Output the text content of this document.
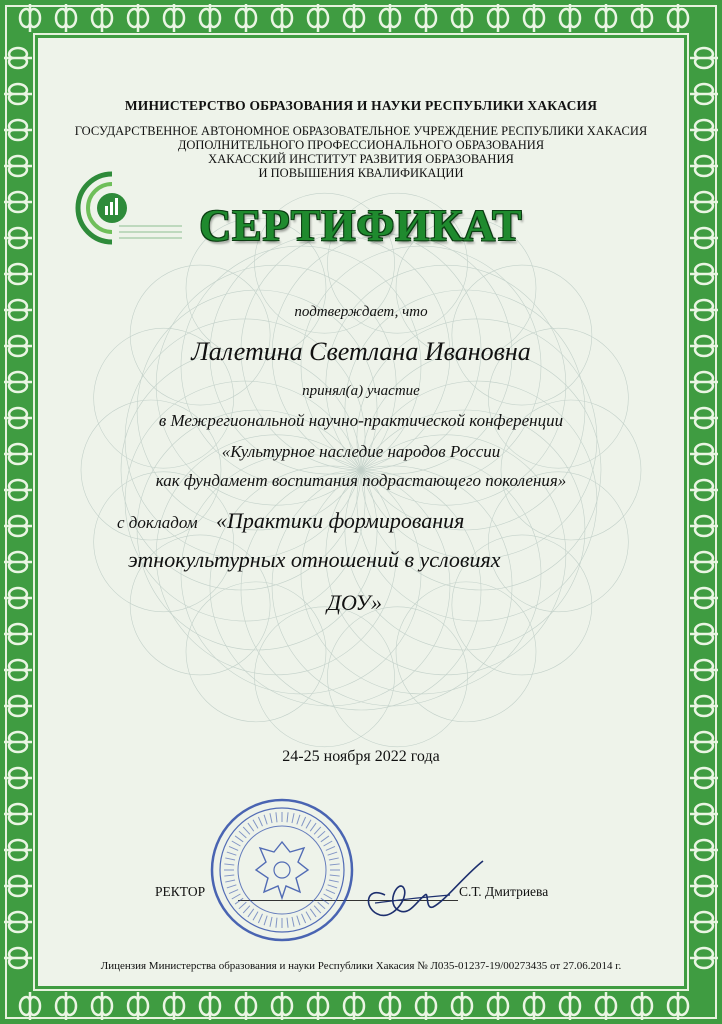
МИНИСТЕРСТВО ОБРАЗОВАНИЯ И НАУКИ РЕСПУБЛИКИ ХАКАСИЯ
ГОСУДАРСТВЕННОЕ АВТОНОМНОЕ ОБРАЗОВАТЕЛЬНОЕ УЧРЕЖДЕНИЕ РЕСПУБЛИКИ ХАКАСИЯ
ДОПОЛНИТЕЛЬНОГО ПРОФЕССИОНАЛЬНОГО ОБРАЗОВАНИЯ
ХАКАССКИЙ ИНСТИТУТ РАЗВИТИЯ ОБРАЗОВАНИЯ
И ПОВЫШЕНИЯ КВАЛИФИКАЦИИ
СЕРТИФИКАТ
подтверждает, что
Лалетина Светлана Ивановна
принял(а) участие
в Межрегиональной научно-практической конференции
«Культурное наследие народов России
как фундамент воспитания подрастающего поколения»
с докладом «Практики формирования
этнокультурных отношений в условиях
ДОУ»
24-25 ноября 2022 года
РЕКТОР	С.Т. Дмитриева
Лицензия Министерства образования и науки Республики Хакасия № Л035-01237-19/00273435 от 27.06.2014 г.
